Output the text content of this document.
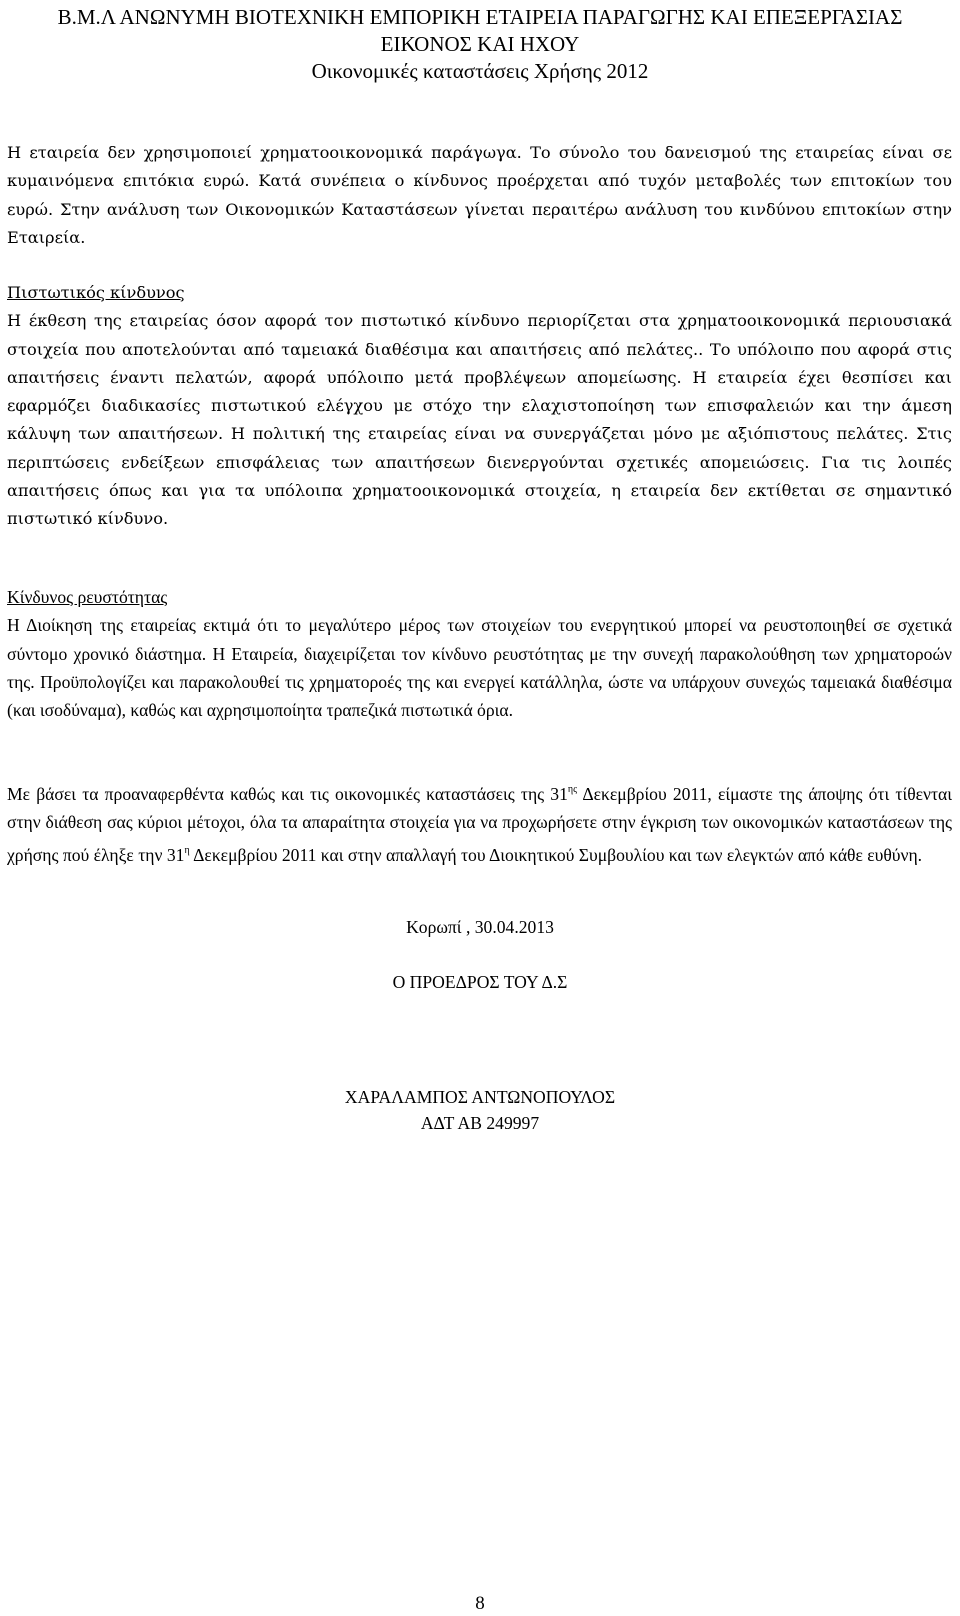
Β.Μ.Λ ΑΝΩΝΥΜΗ ΒΙΟΤΕΧΝΙΚΗ ΕΜΠΟΡΙΚΗ ΕΤΑΙΡΕΙΑ ΠΑΡΑΓΩΓΗΣ ΚΑΙ ΕΠΕΞΕΡΓΑΣΙΑΣ
ΕΙΚΟΝΟΣ ΚΑΙ ΗΧΟΥ
Οικονομικές καταστάσεις Χρήσης 2012
Η εταιρεία δεν χρησιμοποιεί χρηματοοικονομικά παράγωγα. Το σύνολο του δανεισμού της εταιρείας είναι σε κυμαινόμενα επιτόκια ευρώ. Κατά συνέπεια ο κίνδυνος προέρχεται από τυχόν μεταβολές των επιτοκίων του ευρώ. Στην ανάλυση των Οικονομικών Καταστάσεων γίνεται περαιτέρω ανάλυση του κινδύνου επιτοκίων στην Εταιρεία.
Πιστωτικός κίνδυνος
Η έκθεση της εταιρείας όσον αφορά τον πιστωτικό κίνδυνο περιορίζεται στα χρηματοοικονομικά περιουσιακά στοιχεία που αποτελούνται από ταμειακά διαθέσιμα και απαιτήσεις από πελάτες.. Το υπόλοιπο που αφορά στις απαιτήσεις έναντι πελατών, αφορά υπόλοιπο μετά προβλέψεων απομείωσης. Η εταιρεία έχει θεσπίσει και εφαρμόζει διαδικασίες πιστωτικού ελέγχου με στόχο την ελαχιστοποίηση των επισφαλειών και την άμεση κάλυψη των απαιτήσεων. Η πολιτική της εταιρείας είναι να συνεργάζεται μόνο με αξιόπιστους πελάτες. Στις περιπτώσεις ενδείξεων επισφάλειας των απαιτήσεων διενεργούνται σχετικές απομειώσεις. Για τις λοιπές απαιτήσεις όπως και για τα υπόλοιπα χρηματοοικονομικά στοιχεία, η εταιρεία δεν εκτίθεται σε σημαντικό πιστωτικό κίνδυνο.
Κίνδυνος ρευστότητας
Η Διοίκηση της εταιρείας εκτιμά ότι το μεγαλύτερο μέρος των στοιχείων του ενεργητικού μπορεί να ρευστοποιηθεί σε σχετικά σύντομο χρονικό διάστημα. Η Εταιρεία, διαχειρίζεται τον κίνδυνο ρευστότητας με την συνεχή παρακολούθηση των χρηματοροών της. Προϋπολογίζει και παρακολουθεί τις χρηματοροές της και ενεργεί κατάλληλα, ώστε να υπάρχουν συνεχώς ταμειακά διαθέσιμα (και ισοδύναμα), καθώς και αχρησιμοποίητα τραπεζικά πιστωτικά όρια.
Με βάσει τα προαναφερθέντα καθώς και τις οικονομικές καταστάσεις της $31^{\eta\varsigma}$ Δεκεμβρίου 2011, είμαστε της άποψης ότι τίθενται στην διάθεση σας κύριοι μέτοχοι, όλα τα απαραίτητα στοιχεία για να προχωρήσετε στην έγκριση των οικονομικών καταστάσεων της χρήσης πού έληξε την $31^\eta$ Δεκεμβρίου 2011 και στην απαλλαγή του Διοικητικού Συμβουλίου και των ελεγκτών από κάθε ευθύνη.
Κορωπί , 30.04.2013
Ο ΠΡΟΕΔΡΟΣ ΤΟΥ Δ.Σ
ΧΑΡΑΛΑΜΠΟΣ ΑΝΤΩΝΟΠΟΥΛΟΣ
ΑΔΤ ΑΒ 249997
8
